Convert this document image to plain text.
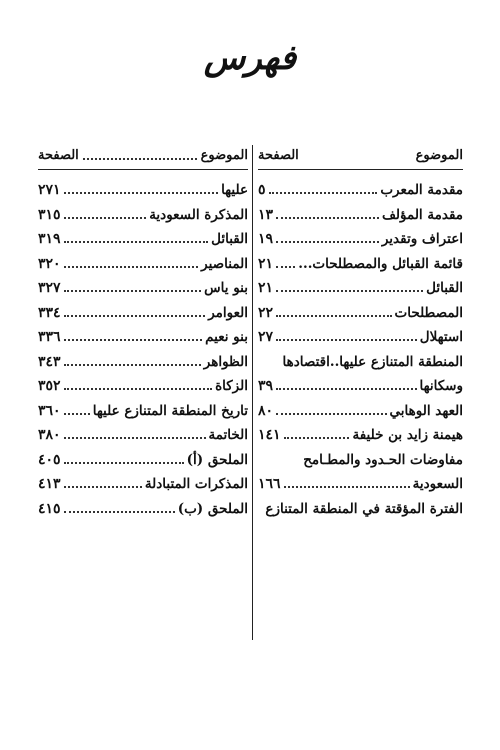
فهرس
الموضوع
الصفحة
مقدمة المعرب
٥
مقدمة المؤلف
١٣
اعتراف وتقدير
١٩
قائمة القبائل والمصطلحات...
٢١
القبائل
٢١
المصطلحات
٢٢
استهلال
٢٧
المنطقة المتنازع عليها..اقتصادها
وسكانها
٣٩
العهد الوهابي
٨٠
هيمنة زايد بن خليفة
١٤١
مفاوضات الحـدود والمطـامح
السعودية
١٦٦
الفترة المؤقتة في المنطقة المتنازع
الموضوع
الصفحة
عليها
٢٧١
المذكرة السعودية
٣١٥
القبائل
٣١٩
المناصير
٣٢٠
بنو ياس
٣٢٧
العوامر
٣٣٤
بنو نعيم
٣٣٦
الظواهر
٣٤٣
الزكاة
٣٥٢
تاريخ المنطقة المتنازع عليها
٣٦٠
الخاتمة
٣٨٠
الملحق (أ)
٤٠٥
المذكرات المتبادلة
٤١٣
الملحق (ب)
٤١٥
